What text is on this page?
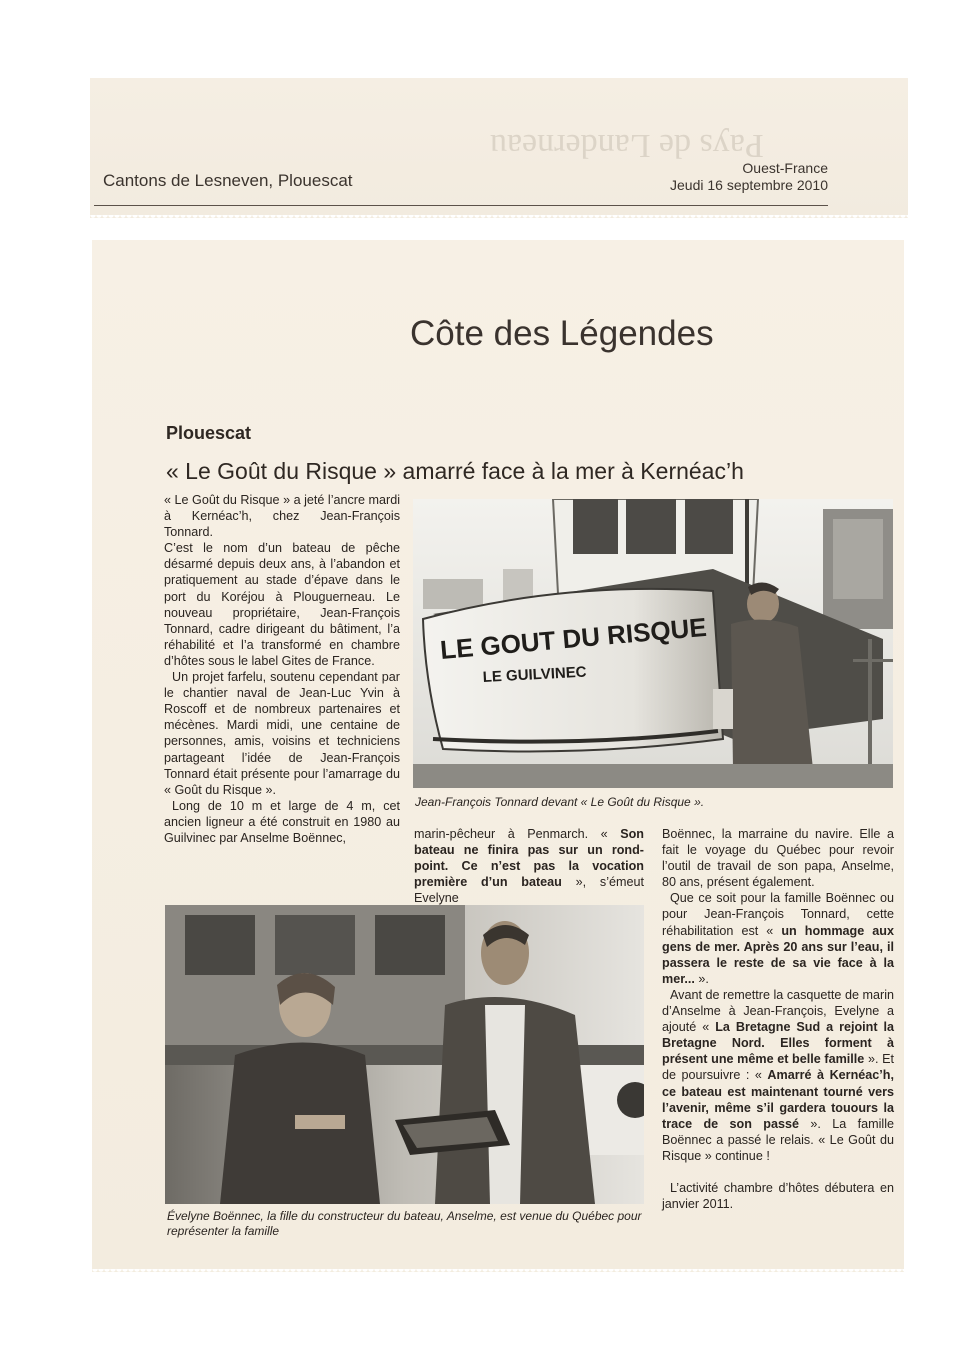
Pays de Landerneau
Cantons de Lesneven, Plouescat
Ouest-France
Jeudi 16 septembre 2010
Côte des Légendes
Plouescat
« Le Goût du Risque » amarré face à la mer à Kernéac’h

« Le Goût du Risque » a jeté l’ancre mardi à Kernéac’h, chez Jean-François Tonnard.

C’est le nom d’un bateau de pêche désarmé depuis deux ans, à l’abandon et pratiquement au stade d’épave dans le port du Koréjou à Plouguerneau. Le nouveau propriétaire, Jean-François Tonnard, cadre dirigeant du bâtiment, l’a réhabilité et l’a transformé en chambre d’hôtes sous le label Gites de France.

Un projet farfelu, soutenu cependant par le chantier naval de Jean-Luc Yvin à Roscoff et de nombreux partenaires et mécènes. Mardi midi, une centaine de personnes, amis, voisins et techniciens partageant l’idée de Jean-François Tonnard était présente pour l’amarrage du « Goût du Risque ».

Long de 10 m et large de 4 m, cet ancien ligneur a été construit en 1980 au Guilvinec par Anselme Boënnec,

LE GOUT DU RISQUE
LE GUILVINEC
Jean-François Tonnard devant « Le Goût du Risque ».

marin-pêcheur à Penmarch. « Son bateau ne finira pas sur un rond-point. Ce n’est pas la vocation première d’un bateau », s’émeut Evelyne

Boënnec, la marraine du navire. Elle a fait le voyage du Québec pour revoir l’outil de travail de son papa, Anselme, 80 ans, présent également.

Que ce soit pour la famille Boënnec ou pour Jean-François Tonnard, cette réhabilitation est « un hommage aux gens de mer. Après 20 ans sur l’eau, il passera le reste de sa vie face à la mer... ».

Avant de remettre la casquette de marin d’Anselme à Jean-François, Evelyne a ajouté « La Bretagne Sud a rejoint la Bretagne Nord. Elles forment à présent une même et belle famille ». Et de poursuivre : « Amarré à Kernéac’h, ce bateau est maintenant tourné vers l’avenir, même s’il gardera touours la trace de son passé ». La famille Boënnec a passé le relais. « Le Goût du Risque » continue !

L’activité chambre d’hôtes débutera en janvier 2011.

Évelyne Boënnec, la fille du constructeur du bateau, Anselme, est venue du Québec pour représenter la famille
